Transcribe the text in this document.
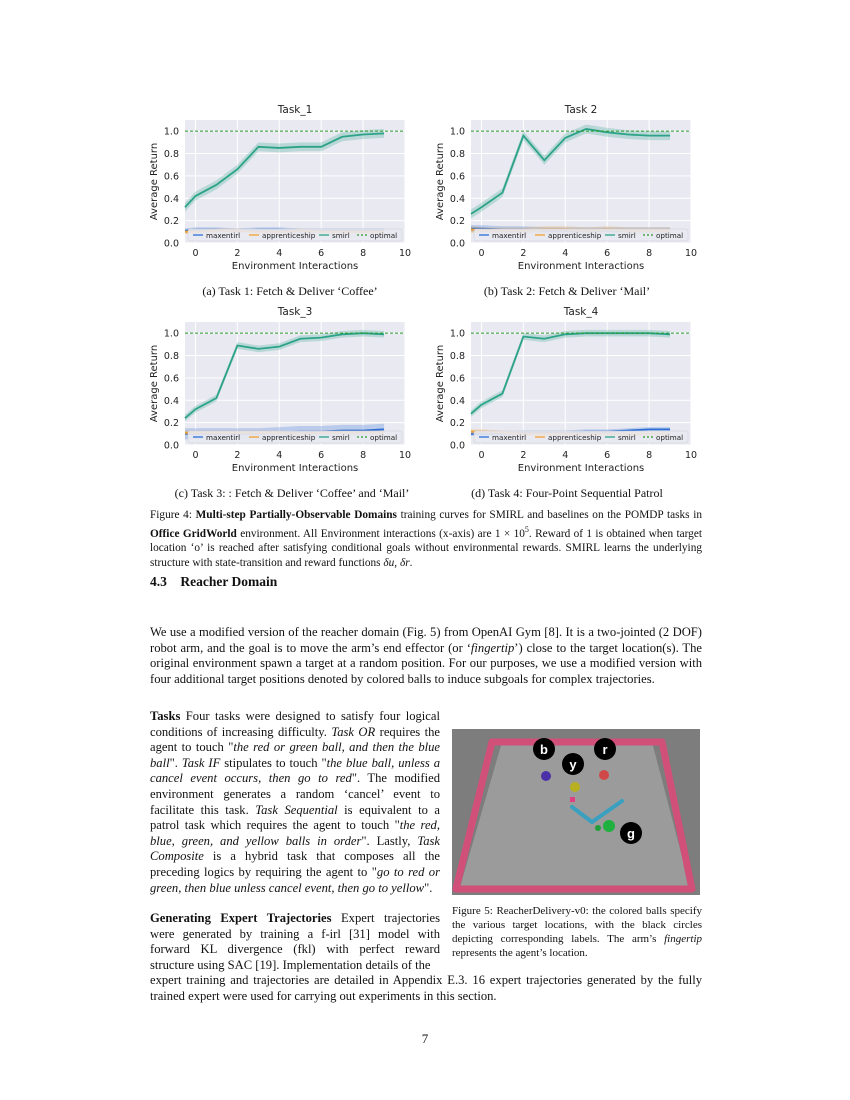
0.0
0.2
0.4
0.6
0.8
1.0
0	2	4	6	8	10
Task_1
Environment Interactions
Average Return
maxentirl	apprenticeship smirl	optimal
0.0
0.2
0.4
0.6
0.8
1.0
0	2	4	6	8	10
Task 2
Environment Interactions
Average Return
maxentirl	apprenticeship smirl	optimal
0.0
0.2
0.4
0.6
0.8
1.0
0	2	4	6	8	10
Task_3
Environment Interactions
Average Return
maxentirl	apprenticeship smirl	optimal
0.0
0.2
0.4
0.6
0.8
1.0
0	2	4	6	8	10
Task_4
Environment Interactions
Average Return
maxentirl	apprenticeship smirl	optimal
(a) Task 1: Fetch & Deliver ‘Coffee’	(b) Task 2: Fetch & Deliver ‘Mail’
(c) Task 3: : Fetch & Deliver ‘Coffee’ and ‘Mail’	(d) Task 4: Four-Point Sequential Patrol
Figure 4: Multi-step Partially-Observable Domains training curves for SMIRL and baselines on the POMDP tasks in Office GridWorld environment. All Environment interactions (x-axis) are $1 \times 10^5$. Reward of 1 is obtained when target location ‘o’ is reached after satisfying conditional goals without environmental rewards. SMIRL learns the underlying structure with state-transition and reward functions δu, δr.
4.3 Reacher Domain
We use a modified version of the reacher domain (Fig. 5) from OpenAI Gym [8]. It is a two-jointed (2 DOF) robot arm, and the goal is to move the arm’s end effector (or ‘fingertip’) close to the target location(s). The original environment spawn a target at a random position. For our purposes, we use a modified version with four additional target positions denoted by colored balls to induce subgoals for complex trajectories.
Tasks Four tasks were designed to satisfy four logical conditions of increasing difficulty. Task OR requires the agent to touch "the red or green ball, and then the blue ball". Task IF stipulates to touch "the blue ball, unless a cancel event occurs, then go to red". The modified environment generates a random ‘cancel’ event to facilitate this task. Task Sequential is equivalent to a patrol task which requires the agent to touch "the red, blue, green, and yellow balls in order". Lastly, Task Composite is a hybrid task that composes all the preceding logics by requiring the agent to "go to red or green, then blue unless cancel event, then go to yellow".
Generating Expert Trajectories Expert trajectories were generated by training a f-irl [31] model with forward KL divergence (fkl) with perfect reward structure using SAC [19]. Implementation details of the
expert training and trajectories are detailed in Appendix E.3. 16 expert trajectories generated by the fully trained expert were used for carrying out experiments in this section.
b	r
y
g
Figure 5: ReacherDelivery-v0: the colored balls specify the various target locations, with the black circles depicting corresponding labels. The arm’s fingertip represents the agent’s location.
7
